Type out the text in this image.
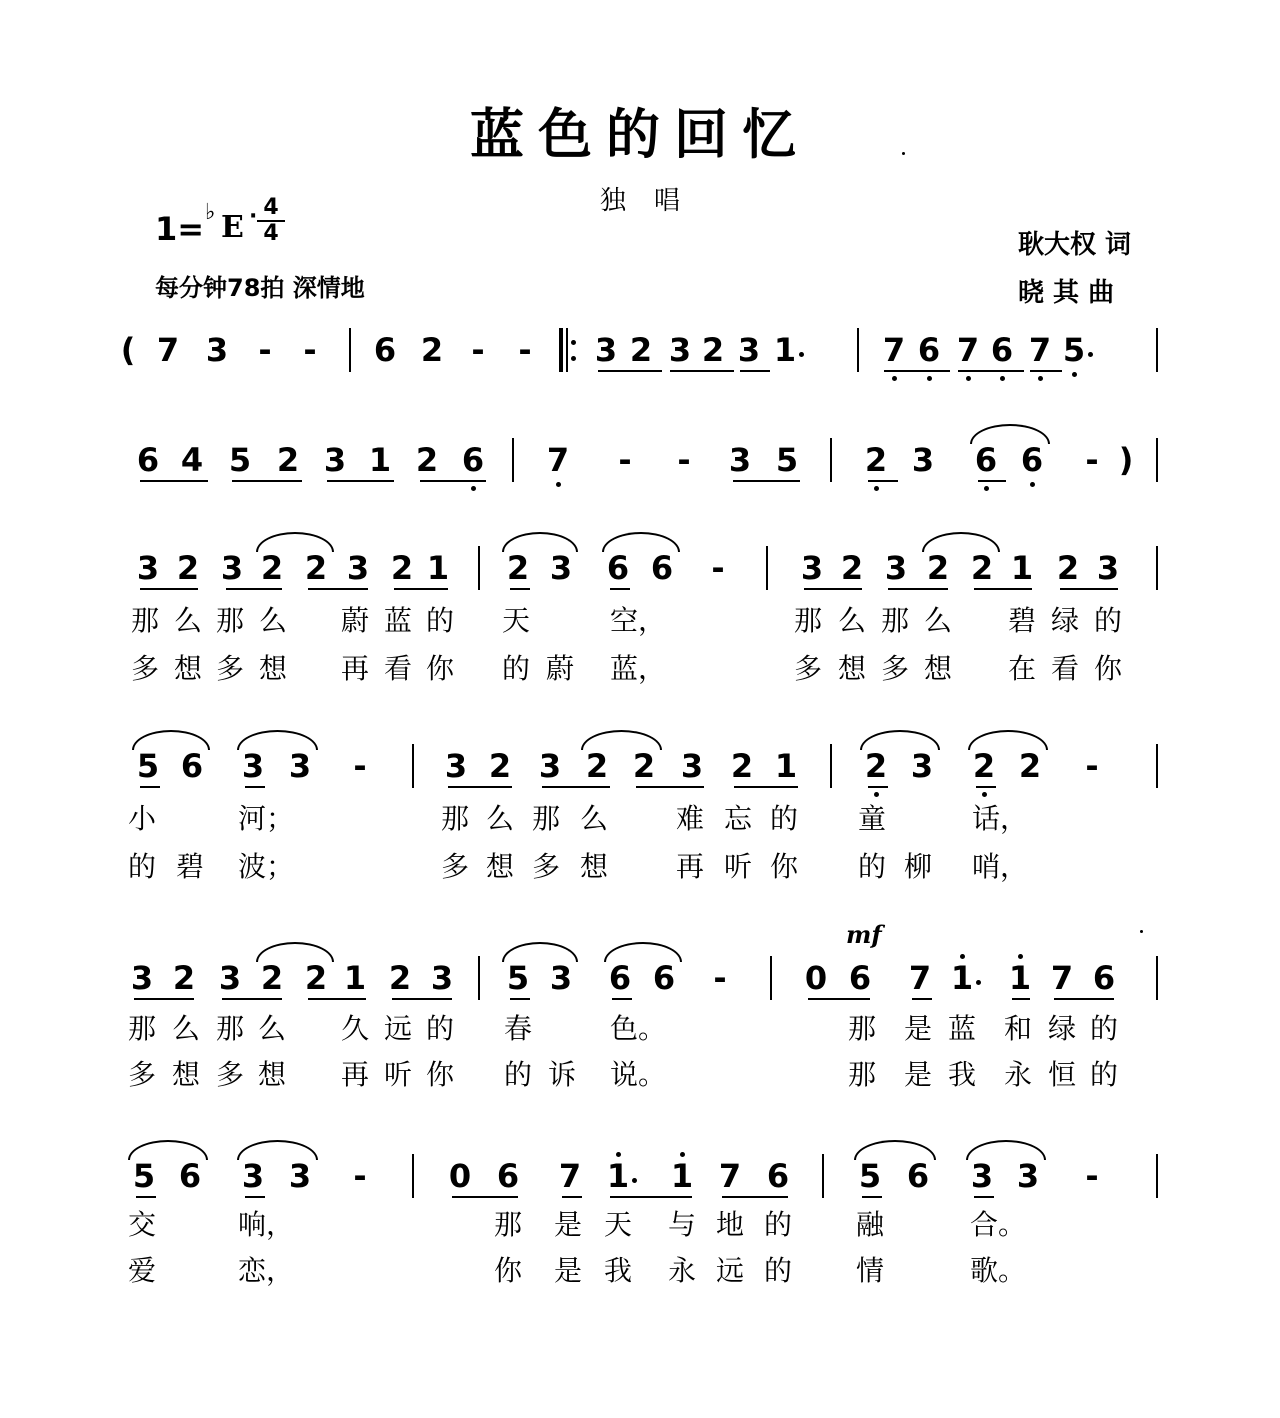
蓝色的回忆
独唱
1= ♭ E · 4
4
每分钟78拍 深情地
耿大权 词
晓 其 曲
mf
( 7 3 - -	6 2 -	-	3 2 3 2 3 1	7 6 7 6 7 5
6 4 5 2 3 1 2 6 7	-	-	3 5 2 3 6 6	- )
3 2 3 2 2 3 2 1 2 3 6 6	-	3 2 3 2 2 1 2 3
5 6 3 3	-	3 2 3 2 2 3 2 1 2 3 2 2	-
3 2 3 2 2 1 2 3 5 3 6 6	-	0 6 7 1 1 7 6
5 6 3 3	-	0 6 7 1 1 7 6 5 6 3 3	-
那 么 那 么 蔚 蓝 的 天	空，	那 么 那 么 碧 绿 的
多 想 多 想 再 看 你 的 蔚 蓝，	多 想 多 想 在 看 你
小	河；	那 么 那 么 难 忘 的 童	话，
的 碧 波；	多 想 多 想 再 听 你 的 柳 哨，
那 么 那 么 久 远 的 春	色。	那 是 蓝 和 绿 的
多 想 多 想 再 听 你 的 诉 说。	那 是 我 永 恒 的
交	响，	那 是 天 与 地 的 融	合。
爱	恋，	你 是 我 永 远 的 情	歌。
